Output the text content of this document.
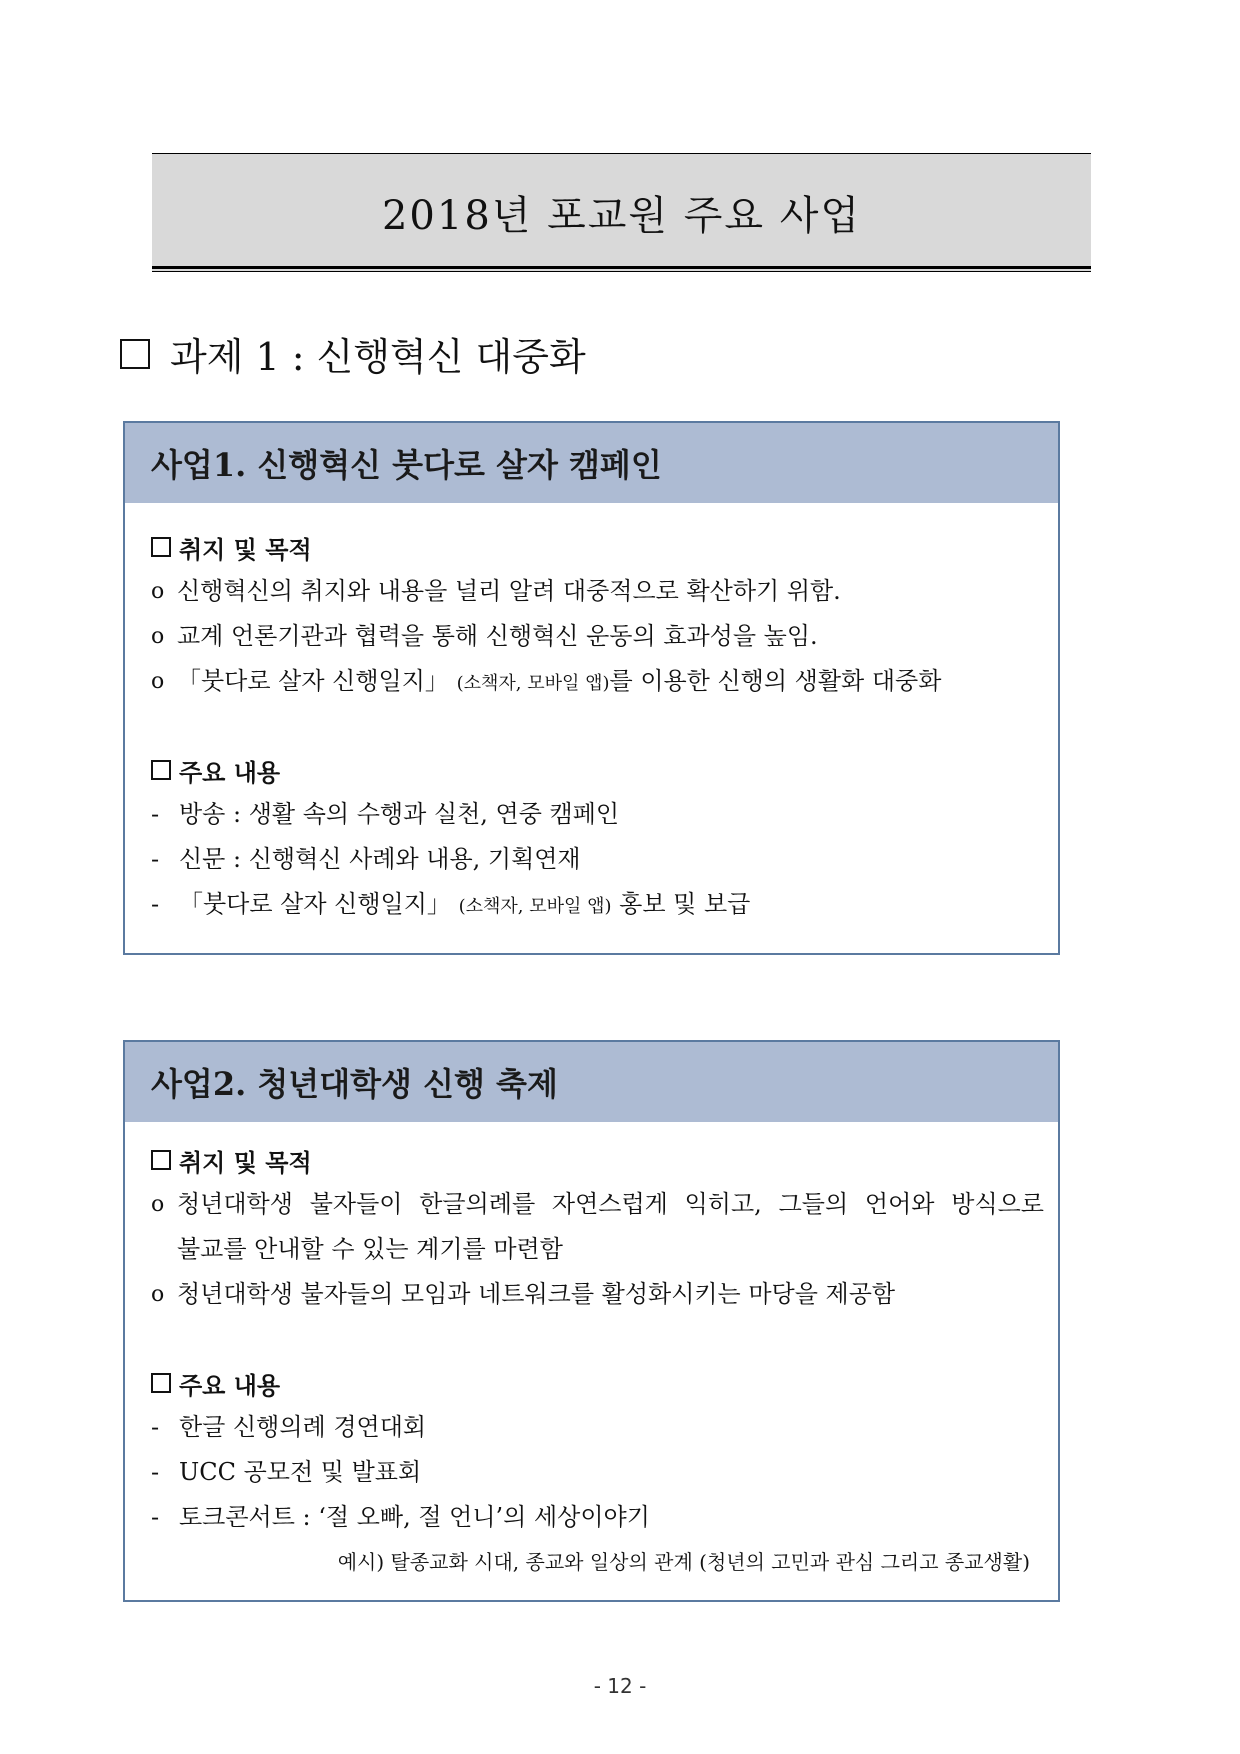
2018년 포교원 주요 사업
과제 1 : 신행혁신 대중화
사업1. 신행혁신 붓다로 살자 캠페인
취지 및 목적
o 신행혁신의 취지와 내용을 널리 알려 대중적으로 확산하기 위함.
o 교계 언론기관과 협력을 통해 신행혁신 운동의 효과성을 높임.
o 「붓다로 살자 신행일지」 (소책자, 모바일 앱)를 이용한 신행의 생활화 대중화
주요 내용
- 방송 : 생활 속의 수행과 실천, 연중 캠페인
- 신문 : 신행혁신 사례와 내용, 기획연재
- 「붓다로 살자 신행일지」 (소책자, 모바일 앱) 홍보 및 보급
사업2. 청년대학생 신행 축제
취지 및 목적
o 청년대학생 불자들이 한글의례를 자연스럽게 익히고, 그들의 언어와 방식으로
불교를 안내할 수 있는 계기를 마련함
o 청년대학생 불자들의 모임과 네트워크를 활성화시키는 마당을 제공함
주요 내용
- 한글 신행의례 경연대회
- UCC 공모전 및 발표회
- 토크콘서트 : ‘절 오빠, 절 언니’의 세상이야기
예시) 탈종교화 시대, 종교와 일상의 관계 (청년의 고민과 관심 그리고 종교생활)
- 12 -
